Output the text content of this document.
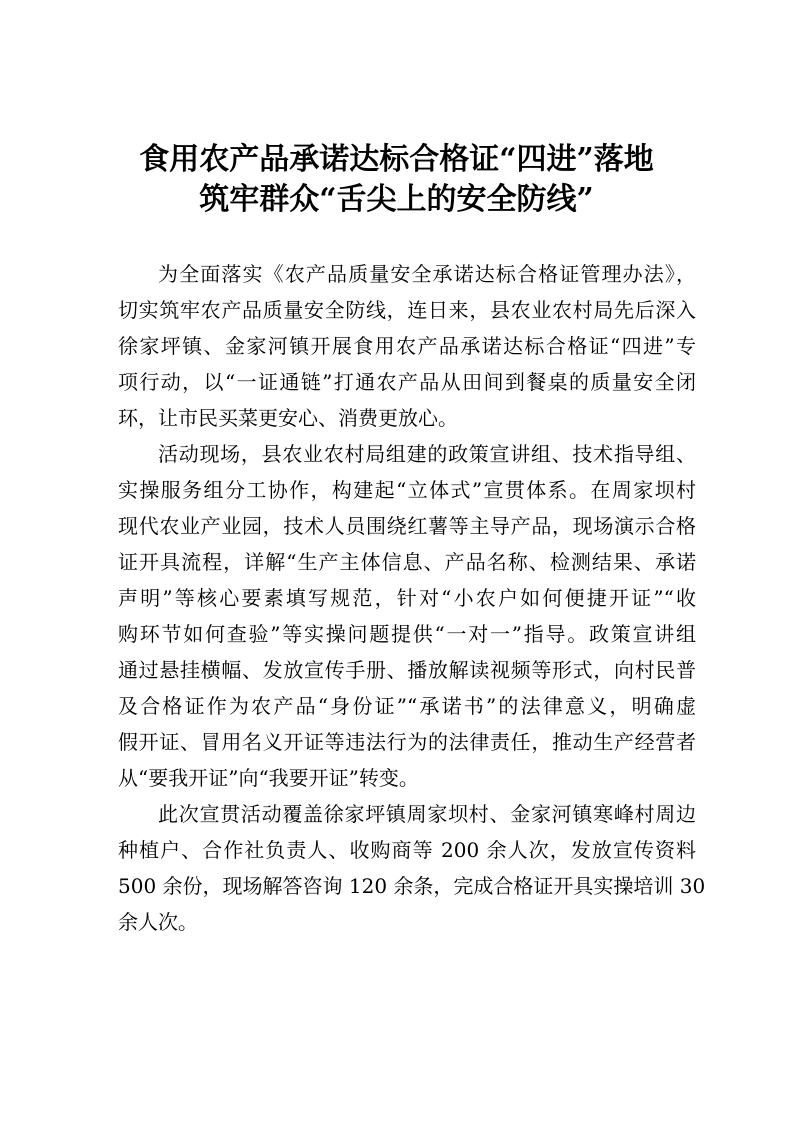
食用农产品承诺达标合格证“四进”落地
筑牢群众“舌尖上的安全防线”
为全面落实《农产品质量安全承诺达标合格证管理办法》，
切实筑牢农产品质量安全防线，连日来，县农业农村局先后深入
徐家坪镇、金家河镇开展食用农产品承诺达标合格证“四进”专
项行动，以“一证通链”打通农产品从田间到餐桌的质量安全闭
环，让市民买菜更安心、消费更放心。
活动现场，县农业农村局组建的政策宣讲组、技术指导组、
实操服务组分工协作，构建起“立体式”宣贯体系。在周家坝村
现代农业产业园，技术人员围绕红薯等主导产品，现场演示合格
证开具流程，详解“生产主体信息、产品名称、检测结果、承诺
声明”等核心要素填写规范，针对“小农户如何便捷开证”“收
购环节如何查验”等实操问题提供“一对一”指导。政策宣讲组
通过悬挂横幅、发放宣传手册、播放解读视频等形式，向村民普
及合格证作为农产品“身份证”“承诺书”的法律意义，明确虚
假开证、冒用名义开证等违法行为的法律责任，推动生产经营者
从“要我开证”向“我要开证”转变。
此次宣贯活动覆盖徐家坪镇周家坝村、金家河镇寒峰村周边
种植户、合作社负责人、收购商等 200 余人次，发放宣传资料
500 余份，现场解答咨询 120 余条，完成合格证开具实操培训 30
余人次。
